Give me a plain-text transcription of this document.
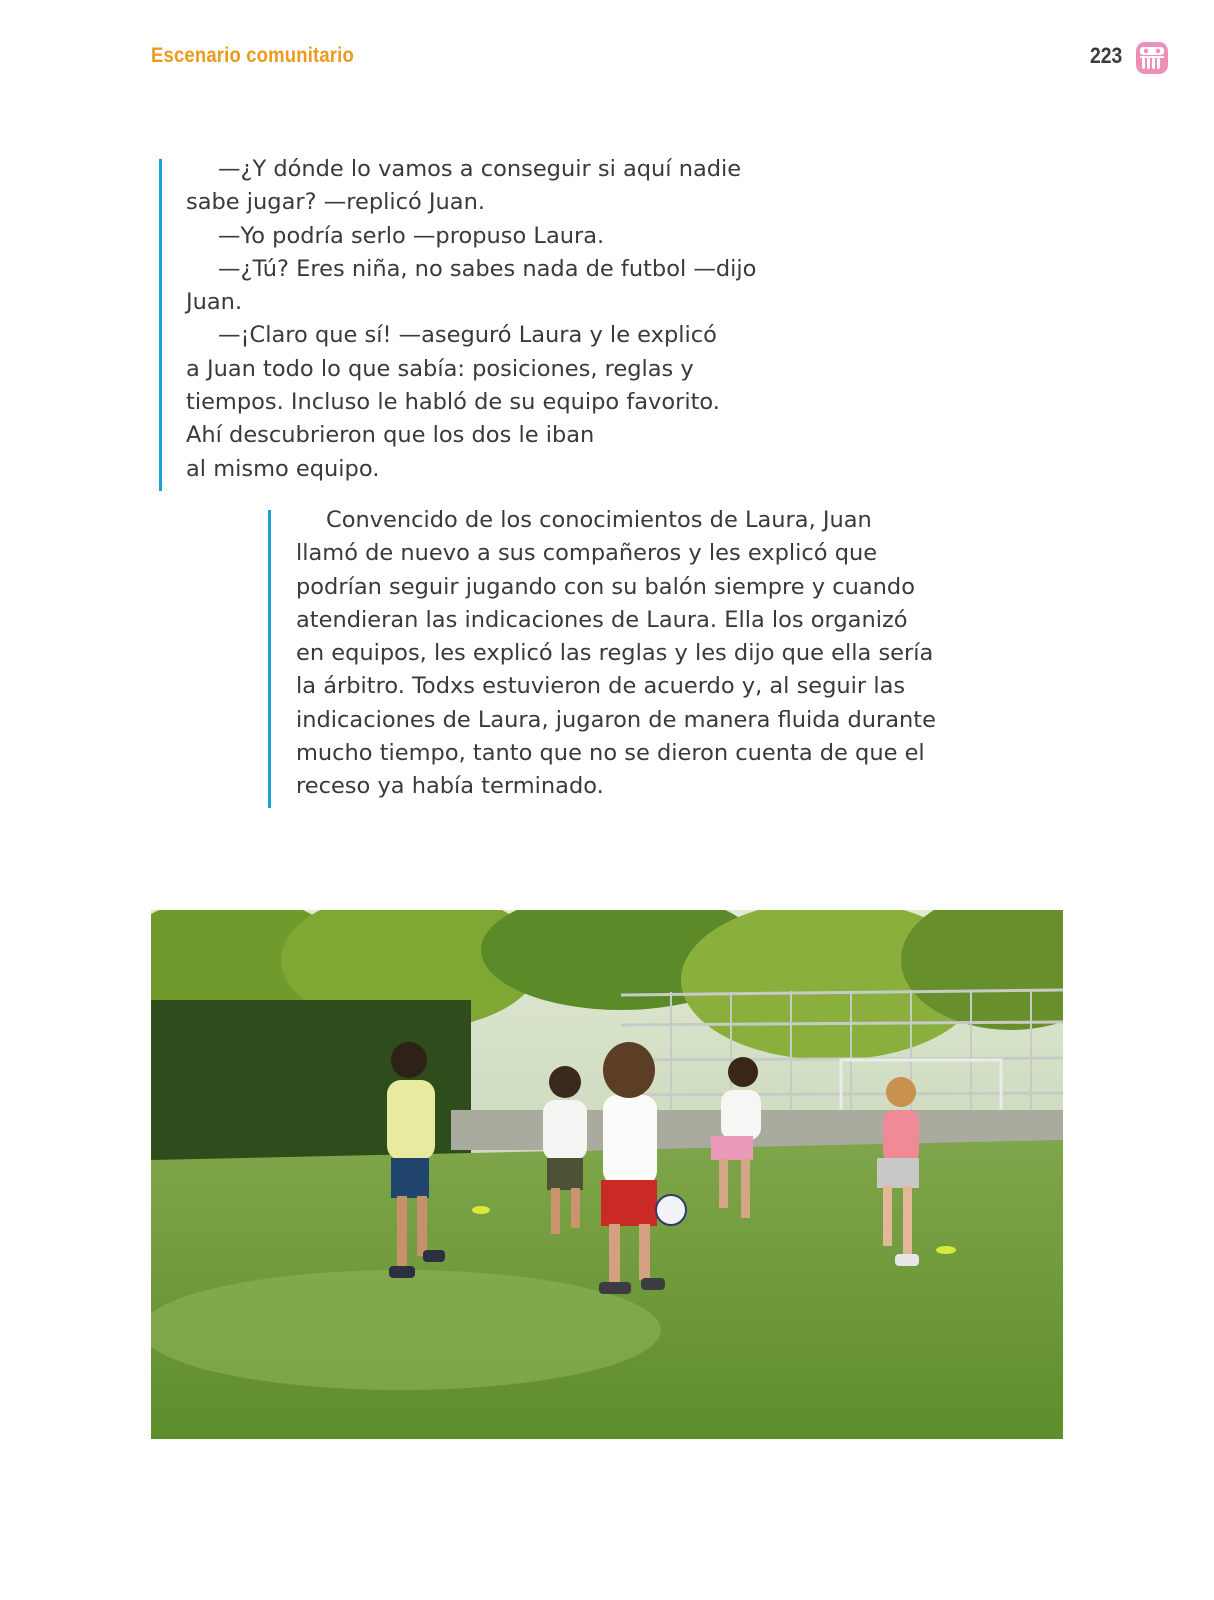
Escenario comunitario	223

—¿Y dónde lo vamos a conseguir si aquí nadie

sabe jugar? —replicó Juan.

—Yo podría serlo —propuso Laura.

—¿Tú? Eres niña, no sabes nada de futbol —dijo

Juan.

—¡Claro que sí! —aseguró Laura y le explicó

a Juan todo lo que sabía: posiciones, reglas y

tiempos. Incluso le habló de su equipo favorito.

Ahí descubrieron que los dos le iban

al mismo equipo.

Convencido de los conocimientos de Laura, Juan

llamó de nuevo a sus compañeros y les explicó que

podrían seguir jugando con su balón siempre y cuando

atendieran las indicaciones de Laura. Ella los organizó

en equipos, les explicó las reglas y les dijo que ella sería

la árbitro. Todxs estuvieron de acuerdo y, al seguir las

indicaciones de Laura, jugaron de manera fluida durante

mucho tiempo, tanto que no se dieron cuenta de que el

receso ya había terminado.
